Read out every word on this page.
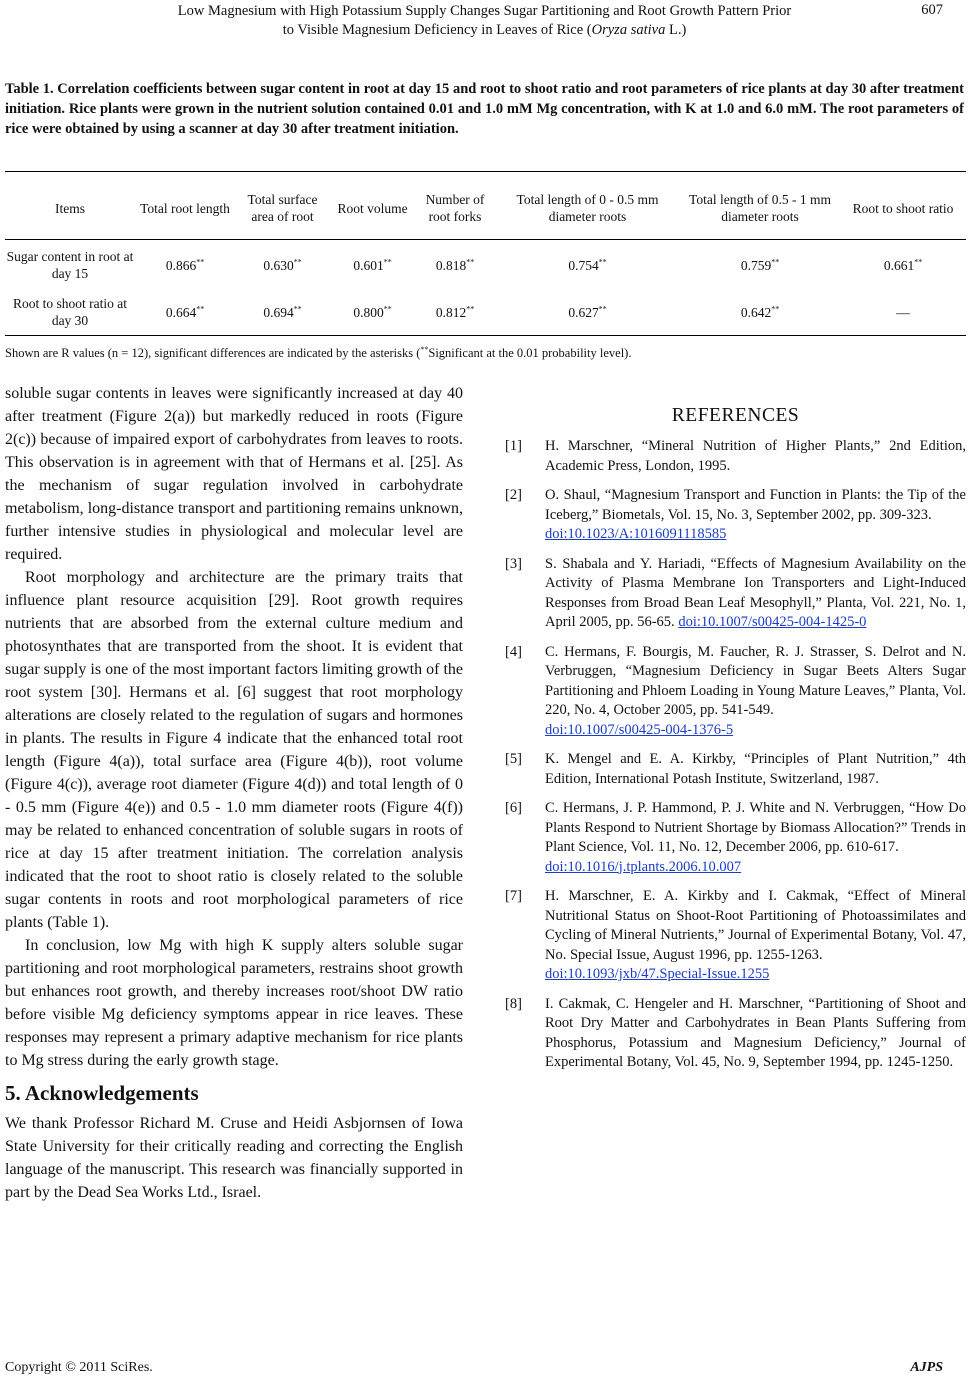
Low Magnesium with High Potassium Supply Changes Sugar Partitioning and Root Growth Pattern Prior
to Visible Magnesium Deficiency in Leaves of Rice (Oryza sativa L.)
607
Table 1. Correlation coefficients between sugar content in root at day 15 and root to shoot ratio and root parameters of rice plants at day 30 after treatment initiation. Rice plants were grown in the nutrient solution contained 0.01 and 1.0 mM Mg concentration, with K at 1.0 and 6.0 mM. The root parameters of rice were obtained by using a scanner at day 30 after treatment initiation.
Items	Total root length	Total surface area of root	Root volume	Number of root forks	Total length of 0 - 0.5 mm diameter roots	Total length of 0.5 - 1 mm diameter roots	Root to shoot ratio
Sugar content in root at day 15	0.866**	0.630**	0.601**	0.818**	0.754**	0.759**	0.661**
Root to shoot ratio at day 30	0.664**	0.694**	0.800**	0.812**	0.627**	0.642**	—
Shown are R values (n = 12), significant differences are indicated by the asterisks (**Significant at the 0.01 probability level).

soluble sugar contents in leaves were significantly increased at day 40 after treatment (Figure 2(a)) but markedly reduced in roots (Figure 2(c)) because of impaired export of carbohydrates from leaves to roots. This observation is in agreement with that of Hermans et al. [25]. As the mechanism of sugar regulation involved in carbohydrate metabolism, long-distance transport and partitioning remains unknown, further intensive studies in physiological and molecular level are required.

Root morphology and architecture are the primary traits that influence plant resource acquisition [29]. Root growth requires nutrients that are absorbed from the external culture medium and photosynthates that are transported from the shoot. It is evident that sugar supply is one of the most important factors limiting growth of the root system [30]. Hermans et al. [6] suggest that root morphology alterations are closely related to the regulation of sugars and hormones in plants. The results in Figure 4 indicate that the enhanced total root length (Figure 4(a)), total surface area (Figure 4(b)), root volume (Figure 4(c)), average root diameter (Figure 4(d)) and total length of 0 - 0.5 mm (Figure 4(e)) and 0.5 - 1.0 mm diameter roots (Figure 4(f)) may be related to enhanced concentration of soluble sugars in roots of rice at day 15 after treatment initiation. The correlation analysis indicated that the root to shoot ratio is closely related to the soluble sugar contents in roots and root morphological parameters of rice plants (Table 1).

In conclusion, low Mg with high K supply alters soluble sugar partitioning and root morphological parameters, restrains shoot growth but enhances root growth, and thereby increases root/shoot DW ratio before visible Mg deficiency symptoms appear in rice leaves. These responses may represent a primary adaptive mechanism for rice plants to Mg stress during the early growth stage.

5. Acknowledgements

We thank Professor Richard M. Cruse and Heidi Asbjornsen of Iowa State University for their critically reading and correcting the English language of the manuscript. This research was financially supported in part by the Dead Sea Works Ltd., Israel.

REFERENCES
[1] H. Marschner, “Mineral Nutrition of Higher Plants,” 2nd Edition, Academic Press, London, 1995.
[2] O. Shaul, “Magnesium Transport and Function in Plants: the Tip of the Iceberg,” Biometals, Vol. 15, No. 3, September 2002, pp. 309-323.
doi:10.1023/A:1016091118585
[3] S. Shabala and Y. Hariadi, “Effects of Magnesium Availability on the Activity of Plasma Membrane Ion Transporters and Light-Induced Responses from Broad Bean Leaf Mesophyll,” Planta, Vol. 221, No. 1, April 2005, pp. 56-65. doi:10.1007/s00425-004-1425-0
[4] C. Hermans, F. Bourgis, M. Faucher, R. J. Strasser, S. Delrot and N. Verbruggen, “Magnesium Deficiency in Sugar Beets Alters Sugar Partitioning and Phloem Loading in Young Mature Leaves,” Planta, Vol. 220, No. 4, October 2005, pp. 541-549.
doi:10.1007/s00425-004-1376-5
[5] K. Mengel and E. A. Kirkby, “Principles of Plant Nutrition,” 4th Edition, International Potash Institute, Switzerland, 1987.
[6] C. Hermans, J. P. Hammond, P. J. White and N. Verbruggen, “How Do Plants Respond to Nutrient Shortage by Biomass Allocation?” Trends in Plant Science, Vol. 11, No. 12, December 2006, pp. 610-617.
doi:10.1016/j.tplants.2006.10.007
[7] H. Marschner, E. A. Kirkby and I. Cakmak, “Effect of Mineral Nutritional Status on Shoot-Root Partitioning of Photoassimilates and Cycling of Mineral Nutrients,” Journal of Experimental Botany, Vol. 47, No. Special Issue, August 1996, pp. 1255-1263.
doi:10.1093/jxb/47.Special-Issue.1255
[8] I. Cakmak, C. Hengeler and H. Marschner, “Partitioning of Shoot and Root Dry Matter and Carbohydrates in Bean Plants Suffering from Phosphorus, Potassium and Magnesium Deficiency,” Journal of Experimental Botany, Vol. 45, No. 9, September 1994, pp. 1245-1250.
Copyright © 2011 SciRes.	AJPS
